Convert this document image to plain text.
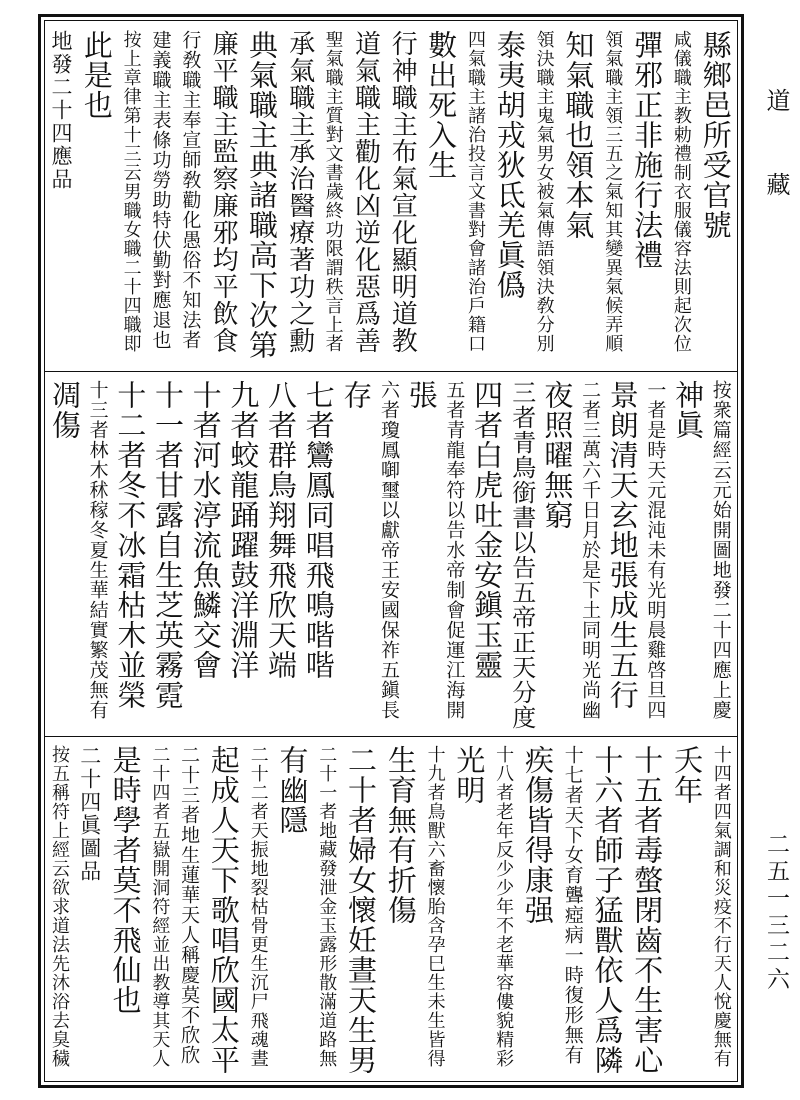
道藏
二五一三二六
縣鄉邑所受官號
咸儀職主教勅禮制衣服儀容法則起次位
彈邪正非施行法禮
領氣職主領三五之氣知其變異氣候弄順
知氣職也領本氣
領決職主鬼氣男女被氣傳語領決敎分別
泰夷胡戎狄氐羌眞僞
四氣職主諸治投言文書對會諸治戶籍口
數出死入生
行神職主布氣宣化顯明道教
道氣職主勸化凶逆化惡爲善
聖氣職主質對文書歲終功限謂秩言上者
承氣職主承治醫療著功之勳
典氣職主典諸職高下次第
廉平職主監察廉邪均平飲食
行敎職主奉宣師敎勸化愚俗不知法者
建義職主表條功勞助特伏勤對應退也
按上章律第十三云男職女職二十四職即
此是也
地發二十四應品
按衆篇經云元始開圖地發二十四應上慶
神眞
一者是時天元混沌未有光明晨雞啓旦四
景朗清天玄地張成生五行
二者三萬六千日月於是下土同明光尚幽
夜照曜無窮
三者青鳥銜書以告五帝正天分度
四者白虎吐金安鎭玉靈
五者青龍奉符以告水帝制會促運江海開
張
六者瓊鳳啣璽以獻帝王安國保祚五鎭長
存
七者鸞鳳同唱飛鳴喈喈
八者群鳥翔舞飛欣天端
九者蛟龍踊躍鼓洋淵洋
十者河水渟流魚鱗交會
十一者甘露自生芝英霧霓
十二者冬不冰霜枯木並榮
十三者林木秫稼冬夏生華結實繁茂無有
凋傷
十四者四氣調和災疫不行天人悅慶無有
夭年
十五者毒螫閉齒不生害心
十六者師子猛獸依人爲隣
十七者天下女育聾瘂病一時復形無有
疾傷皆得康强
十八者老年反少少年不老華容僂貌精彩
光明
十九者鳥獸六畜懷胎含孕巳生未生皆得
生育無有折傷
二十者婦女懷妊晝天生男
二十一者地藏發泄金玉露形散滿道路無
有幽隱
二十二者天振地裂枯骨更生沉尸飛魂晝
起成人天下歌唱欣國太平
二十三者地生蓮華天人稱慶莫不欣欣
二十四者五嶽開洞符經並出教導其天人
是時學者莫不飛仙也
二十四眞圖品
按五稱符上經云欲求道法先沐浴去臭穢
